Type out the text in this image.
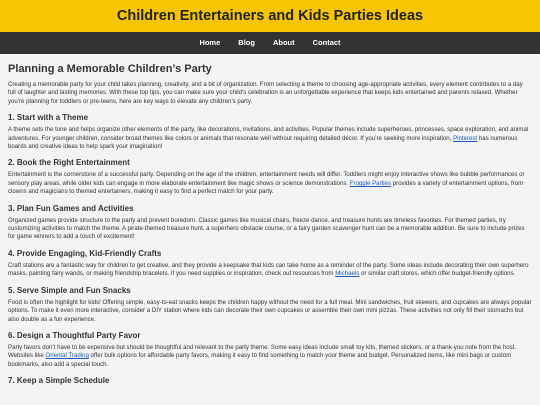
Children Entertainers and Kids Parties Ideas
Home	Blog	About	Contact
Planning a Memorable Children’s Party

Creating a memorable party for your child takes planning, creativity, and a bit of organization. From selecting a theme to choosing age-appropriate activities, every element contributes to a day full of laughter and lasting memories. With these top tips, you can make sure your child's celebration is an unforgettable experience that keeps kids entertained and parents relaxed. Whether you're planning for toddlers or pre-teens, here are key ways to elevate any children’s party.

1. Start with a Theme

A theme sets the tone and helps organize other elements of the party, like decorations, invitations, and activities. Popular themes include superheroes, princesses, space exploration, and animal adventures. For younger children, consider broad themes like colors or animals that resonate well without requiring detailed décor. If you’re seeking more inspiration, Pinterest has numerous boards and creative ideas to help spark your imagination!

2. Book the Right Entertainment

Entertainment is the cornerstone of a successful party. Depending on the age of the children, entertainment needs will differ. Toddlers might enjoy interactive shows like bubble performances or sensory play areas, while older kids can engage in more elaborate entertainment like magic shows or science demonstrations. Froggle Parties provides a variety of entertainment options, from clowns and magicians to themed entertainers, making it easy to find a perfect match for your party.

3. Plan Fun Games and Activities

Organized games provide structure to the party and prevent boredom. Classic games like musical chairs, freeze dance, and treasure hunts are timeless favorites. For themed parties, try customizing activities to match the theme. A pirate-themed treasure hunt, a superhero obstacle course, or a fairy garden scavenger hunt can be a memorable addition. Be sure to include prizes for game winners to add a touch of excitement!

4. Provide Engaging, Kid-Friendly Crafts

Craft stations are a fantastic way for children to get creative, and they provide a keepsake that kids can take home as a reminder of the party. Some ideas include decorating their own superhero masks, painting fairy wands, or making friendship bracelets. If you need supplies or inspiration, check out resources from Michaels or similar craft stores, which offer budget-friendly options.

5. Serve Simple and Fun Snacks

Food is often the highlight for kids! Offering simple, easy-to-eat snacks keeps the children happy without the need for a full meal. Mini sandwiches, fruit skewers, and cupcakes are always popular options. To make it even more interactive, consider a DIY station where kids can decorate their own cupcakes or assemble their own mini pizzas. These activities not only fill their stomachs but also double as a fun experience.

6. Design a Thoughtful Party Favor

Party favors don’t have to be expensive but should be thoughtful and relevant to the party theme. Some easy ideas include small toy kits, themed stickers, or a thank-you note from the host. Websites like Oriental Trading offer bulk options for affordable party favors, making it easy to find something to match your theme and budget. Personalized items, like mini bags or custom bookmarks, also add a special touch.

7. Keep a Simple Schedule
